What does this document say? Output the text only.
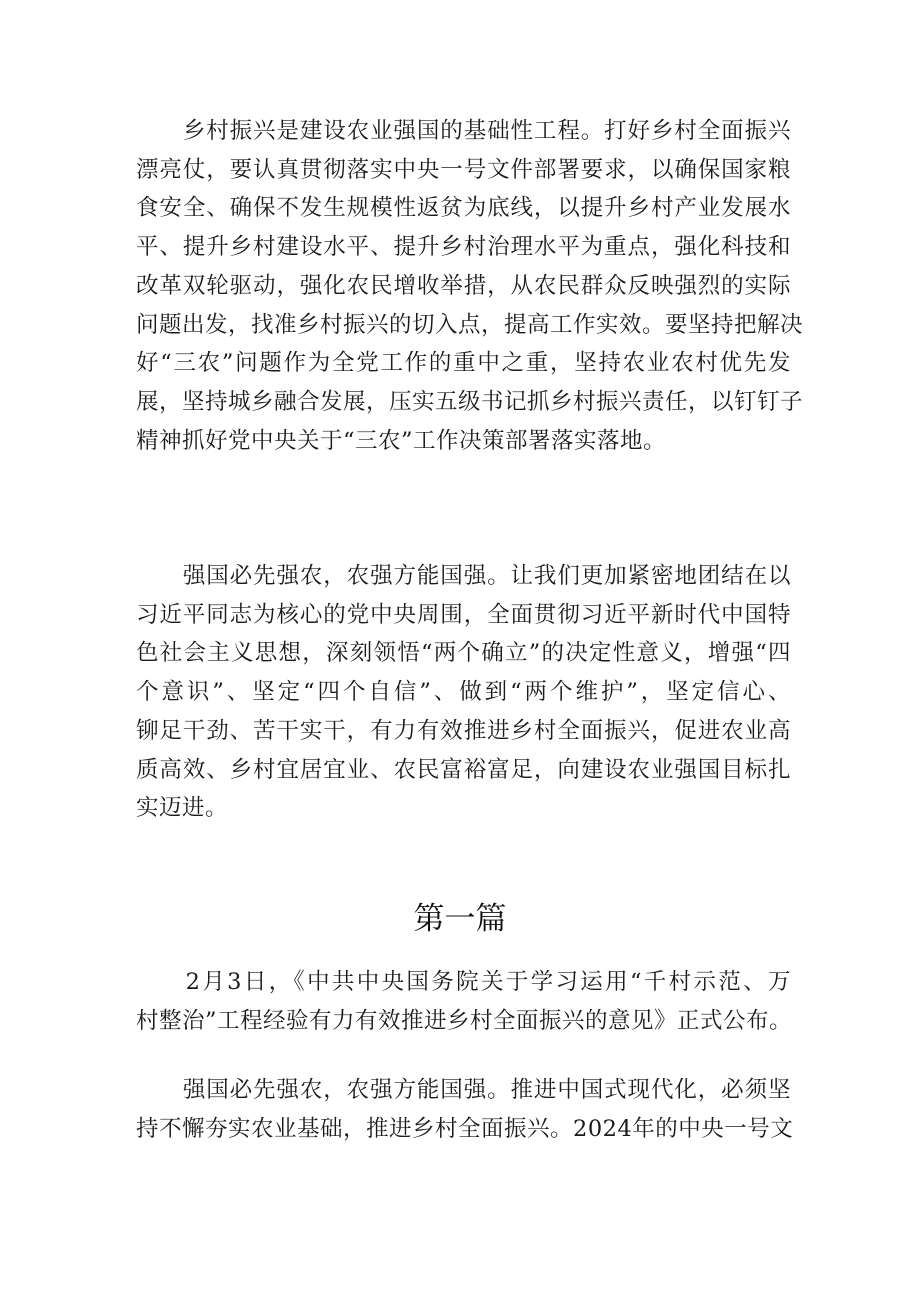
　　乡村振兴是建设农业强国的基础性工程。打好乡村全面振兴
漂亮仗，要认真贯彻落实中央一号文件部署要求，以确保国家粮
食安全、确保不发生规模性返贫为底线，以提升乡村产业发展水
平、提升乡村建设水平、提升乡村治理水平为重点，强化科技和
改革双轮驱动，强化农民增收举措，从农民群众反映强烈的实际
问题出发，找准乡村振兴的切入点，提高工作实效。要坚持把解决
好“三农”问题作为全党工作的重中之重，坚持农业农村优先发
展，坚持城乡融合发展，压实五级书记抓乡村振兴责任，以钉钉子
精神抓好党中央关于“三农”工作决策部署落实落地。
　　强国必先强农，农强方能国强。让我们更加紧密地团结在以
习近平同志为核心的党中央周围，全面贯彻习近平新时代中国特
色社会主义思想，深刻领悟“两个确立”的决定性意义，增强“四
个意识”、坚定“四个自信”、做到“两个维护”，坚定信心、
铆足干劲、苦干实干，有力有效推进乡村全面振兴，促进农业高
质高效、乡村宜居宜业、农民富裕富足，向建设农业强国目标扎
实迈进。
第一篇
　　2月3日，《中共中央国务院关于学习运用“千村示范、万
村整治”工程经验有力有效推进乡村全面振兴的意见》正式公布。
　　强国必先强农，农强方能国强。推进中国式现代化，必须坚
持不懈夯实农业基础，推进乡村全面振兴。2024年的中央一号文
